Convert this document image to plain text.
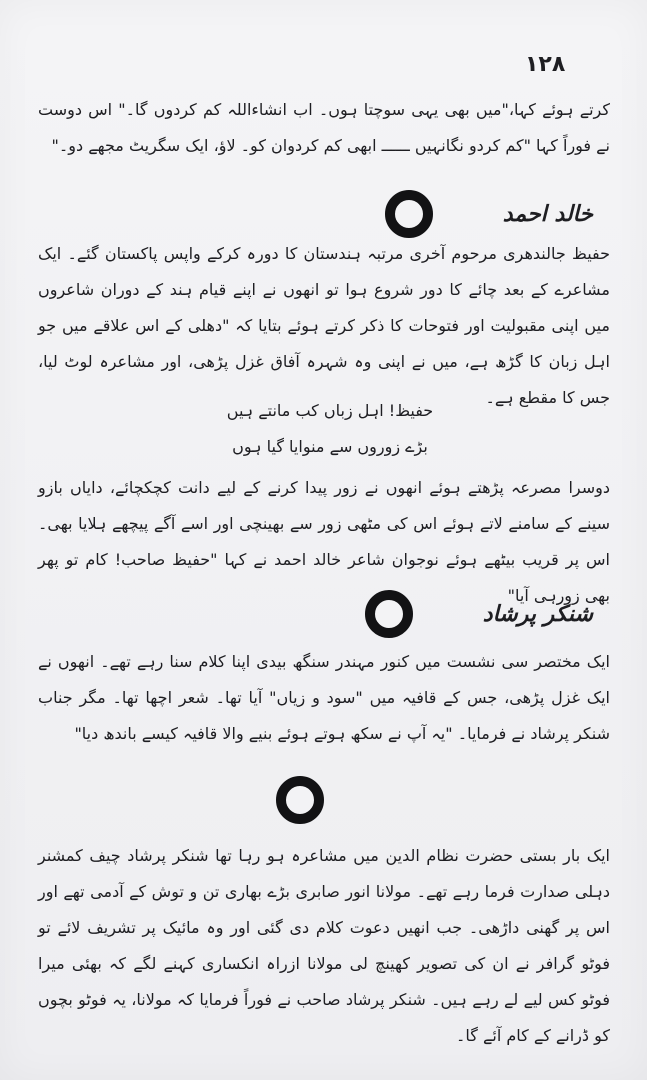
۱۲۸
کرتے ہوئے کہا،"میں بھی یہی سوچتا ہوں۔ اب انشاءاللہ کم کردوں گا۔" اس دوست نے فوراً کہا "کم کردو نگانہیں ــــــ ابھی کم کردوان کو۔ لاؤ، ایک سگریٹ مجھے دو۔"
خالد احمد
حفیظ جالندھری مرحوم آخری مرتبہ ہندستان کا دورہ کرکے واپس پاکستان گئے۔ ایک مشاعرے کے بعد چائے کا دور شروع ہوا تو انھوں نے اپنے قیام ہند کے دوران شاعروں میں اپنی مقبولیت اور فتوحات کا ذکر کرتے ہوئے بتایا کہ "دھلی کے اس علاقے میں جو اہل زبان کا گڑھ ہے، میں نے اپنی وہ شہرہ آفاق غزل پڑھی، اور مشاعرہ لوٹ لیا، جس کا مقطع ہے۔
حفیظ! اہل زباں کب مانتے ہیں
بڑے زوروں سے منوایا گیا ہوں
دوسرا مصرعہ پڑھتے ہوئے انھوں نے زور پیدا کرنے کے لیے دانت کچکچائے، دایاں بازو سینے کے سامنے لاتے ہوئے اس کی مٹھی زور سے بھینچی اور اسے آگے پیچھے ہلایا بھی۔ اس پر قریب بیٹھے ہوئے نوجوان شاعر خالد احمد نے کہا "حفیظ صاحب! کام تو پھر بھی زورہی آیا"
شنکر پرشاد
ایک مختصر سی نشست میں کنور مہندر سنگھ بیدی اپنا کلام سنا رہے تھے۔ انھوں نے ایک غزل پڑھی، جس کے قافیہ میں "سود و زیاں" آیا تھا۔ شعر اچھا تھا۔ مگر جناب شنکر پرشاد نے فرمایا۔ "یہ آپ نے سکھ ہوتے ہوئے بنیے والا قافیہ کیسے باندھ دیا"
ایک بار بستی حضرت نظام الدین میں مشاعرہ ہو رہا تھا شنکر پرشاد چیف کمشنر دہلی صدارت فرما رہے تھے۔ مولانا انور صابری بڑے بھاری تن و توش کے آدمی تھے اور اس پر گھنی داڑھی۔ جب انھیں دعوت کلام دی گئی اور وہ مائیک پر تشریف لائے تو فوٹو گرافر نے ان کی تصویر کھینچ لی مولانا ازراہ انکساری کہنے لگے کہ بھئی میرا فوٹو کس لیے لے رہے ہیں۔ شنکر پرشاد صاحب نے فوراً فرمایا کہ مولانا، یہ فوٹو بچوں کو ڈرانے کے کام آئے گا۔
